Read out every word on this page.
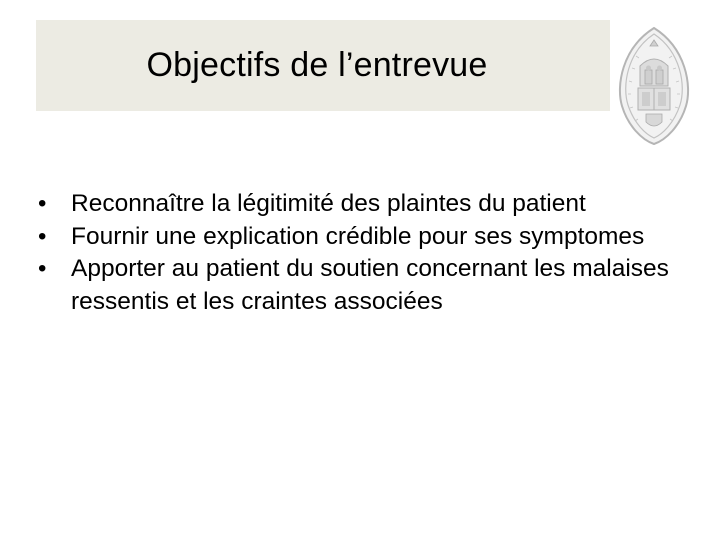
Objectifs de l’entrevue
• Reconnaître la légitimité des plaintes du patient
• Fournir une explication crédible pour ses symptomes
• Apporter au patient du soutien concernant les malaises ressentis et les craintes associées
